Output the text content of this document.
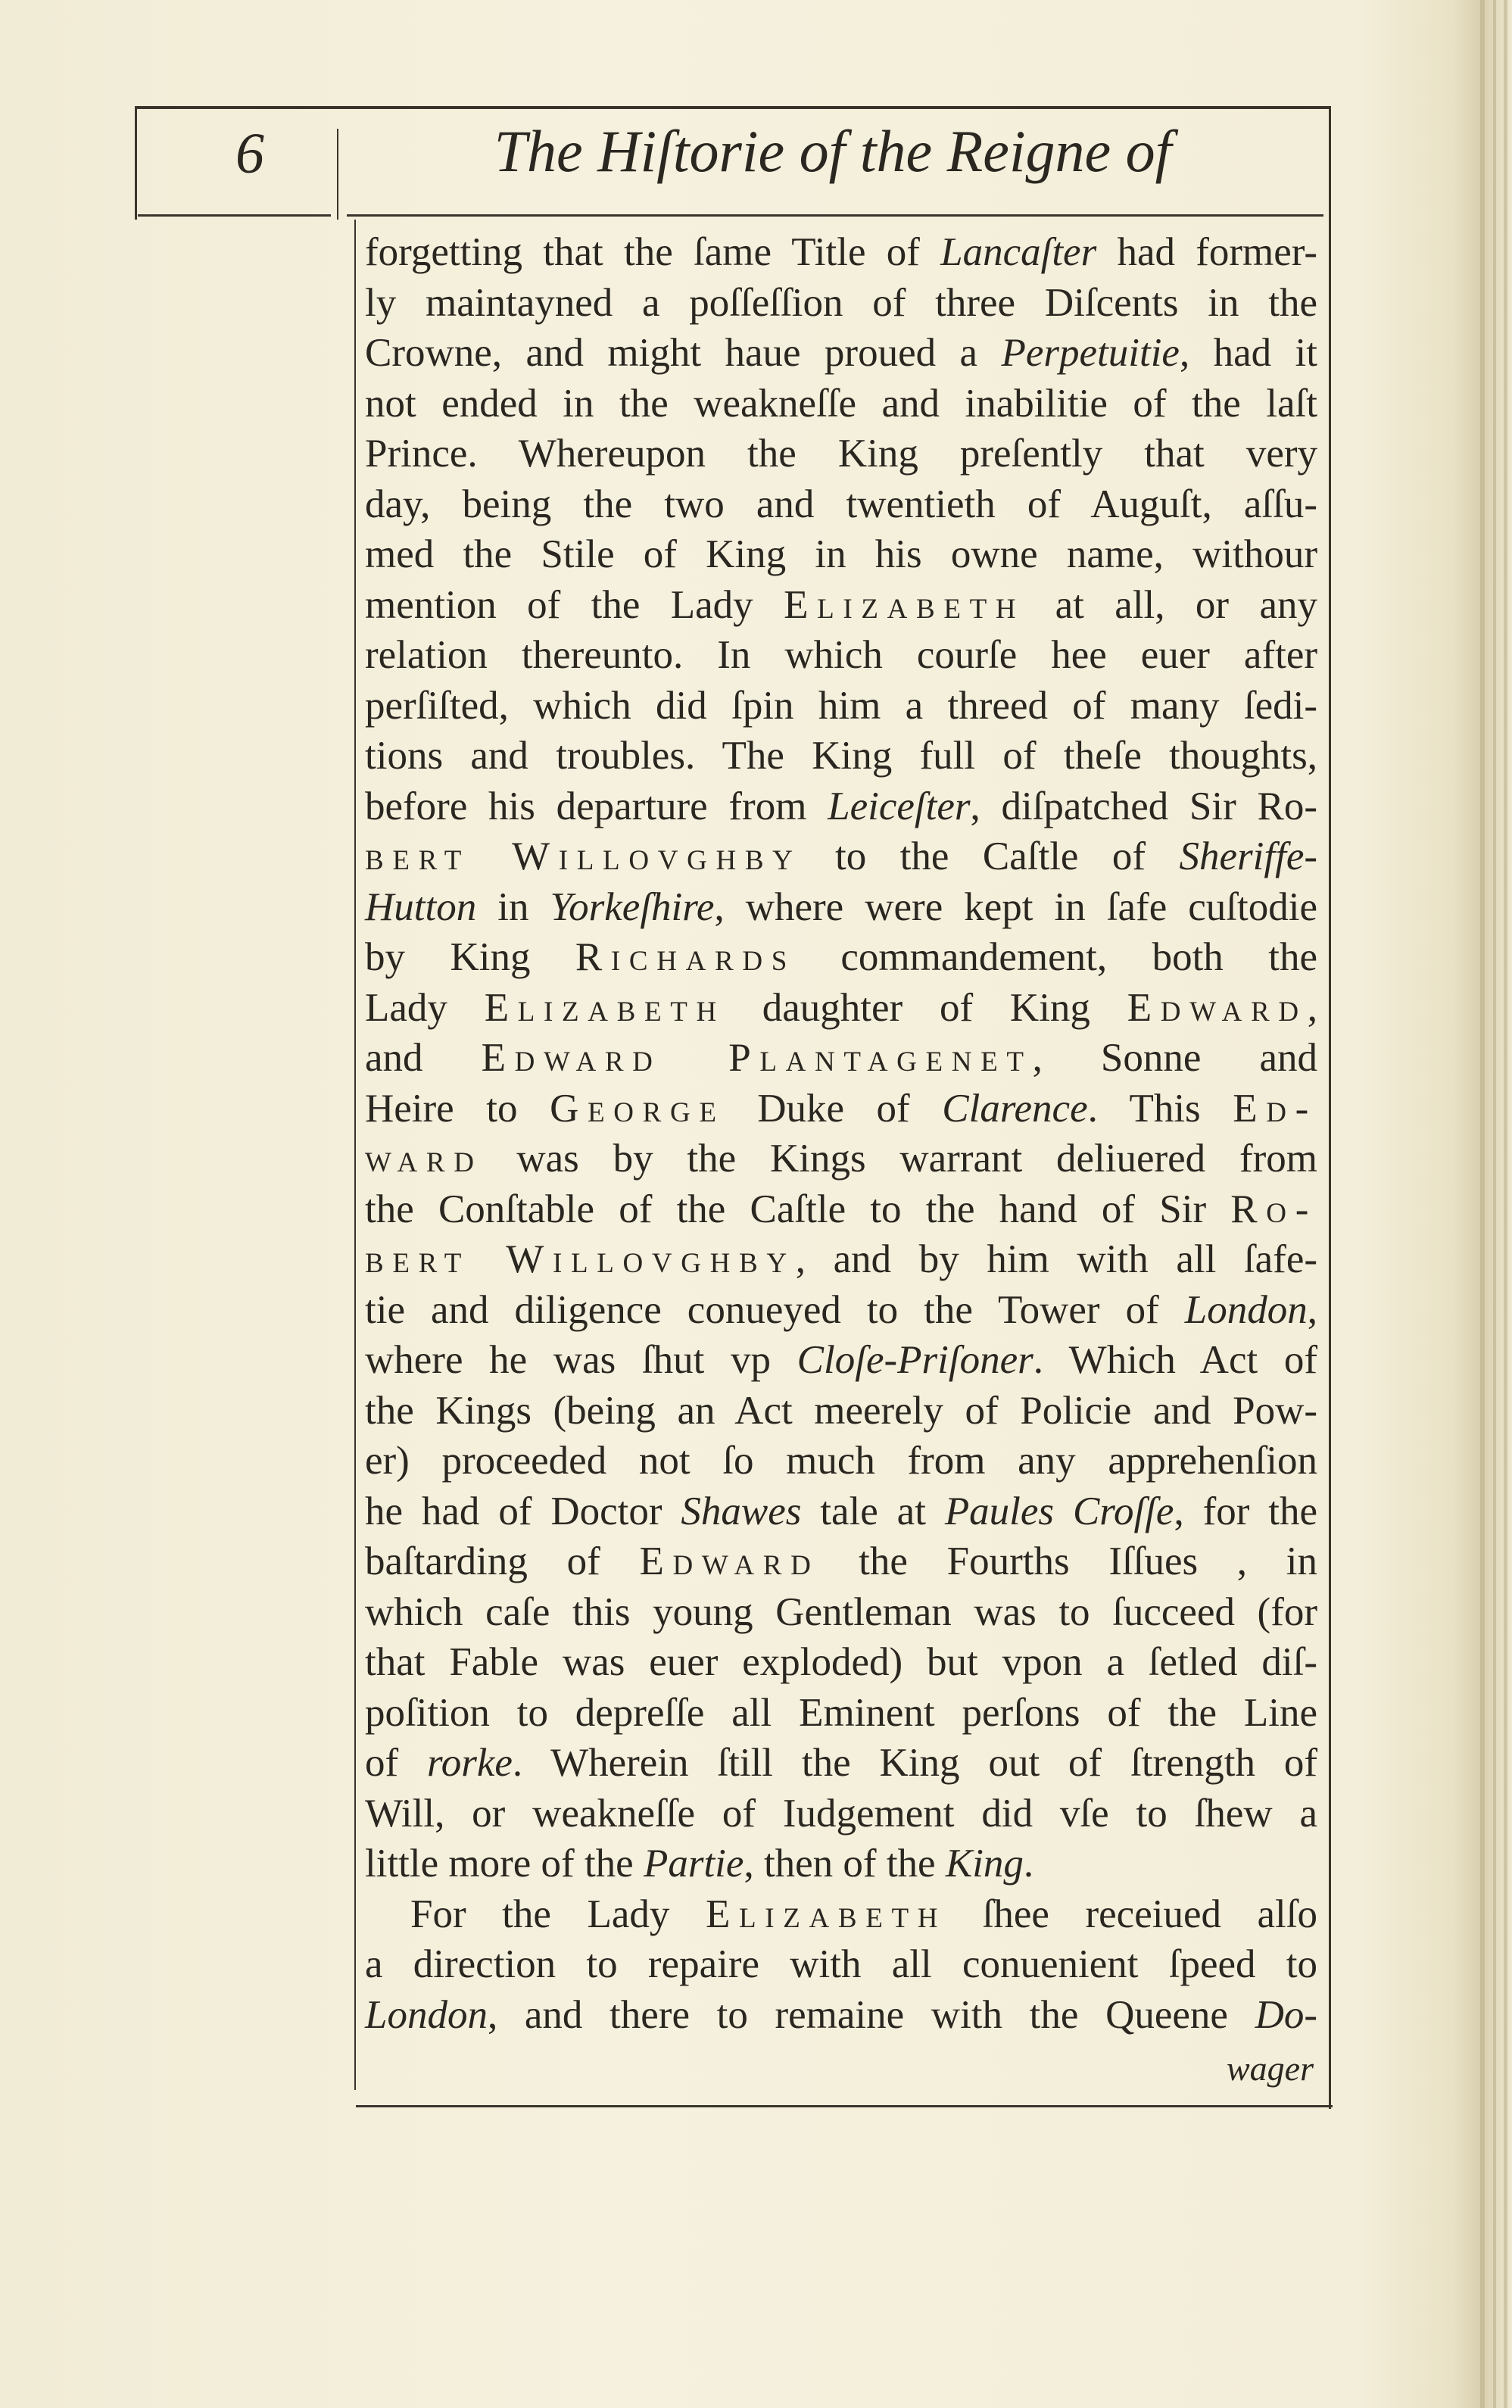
6	The Hiſtorie of the Reigne of
forgetting that the ſame Title of Lancaſter had former-
ly maintayned a poſſeſſion of three Diſcents in the
Crowne, and might haue proued a Perpetuitie, had it
not ended in the weakneſſe and inabilitie of the laſt
Prince. Whereupon the King preſently that very
day, being the two and twentieth of Auguſt, aſſu-
med the Stile of King in his owne name, withour
mention of the Lady Elizabeth at all, or any
relation thereunto. In which courſe hee euer after
perſiſted, which did ſpin him a threed of many ſedi-
tions and troubles. The King full of theſe thoughts,
before his departure from Leiceſter, diſpatched Sir Ro-
bert Willovghby to the Caſtle of Sheriffe-
Hutton in Yorkeſhire, where were kept in ſafe cuſtodie
by King Richards commandement, both the
Lady Elizabeth daughter of King Edward,
and Edward Plantagenet, Sonne and
Heire to George Duke of Clarence. This Ed-
ward was by the Kings warrant deliuered from
the Conſtable of the Caſtle to the hand of Sir Ro-
bert Willovghby, and by him with all ſafe-
tie and diligence conueyed to the Tower of London,
where he was ſhut vp Cloſe-Priſoner. Which Act of
the Kings (being an Act meerely of Policie and Pow-
er) proceeded not ſo much from any apprehenſion
he had of Doctor Shawes tale at Paules Croſſe, for the
baſtarding of Edward the Fourths Iſſues , in
which caſe this young Gentleman was to ſucceed (for
that Fable was euer exploded) but vpon a ſetled diſ-
poſition to depreſſe all Eminent perſons of the Line
of rorke. Wherein ſtill the King out of ſtrength of
Will, or weakneſſe of Iudgement did vſe to ſhew a
little more of the Partie, then of the King.
For the Lady Elizabeth ſhee receiued alſo
a direction to repaire with all conuenient ſpeed to
London, and there to remaine with the Queene Do-
wager
